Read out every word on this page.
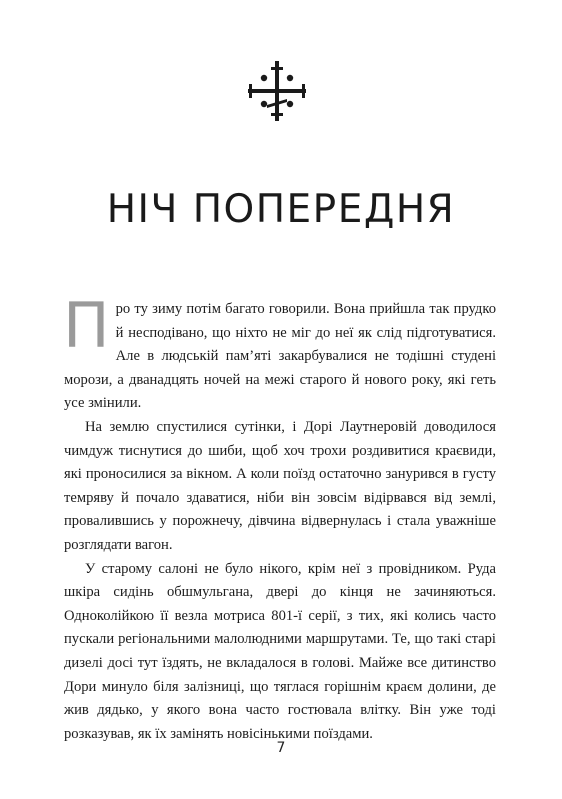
НІЧ ПОПЕРЕДНЯ

Про ту зиму потім багато говорили. Вона прийшла так прудко й несподівано, що ніхто не міг до неї як слід підготуватися. Але в людській пам’яті закарбувалися не тодішні студені морози, а дванадцять ночей на межі старого й нового року, які геть усе змінили.

На землю спустилися сутінки, і Дорі Лаутнеровій доводилося чимдуж тиснутися до шиби, щоб хоч трохи роздивитися краєвиди, які проносилися за вікном. А коли поїзд остаточно занурився в густу темряву й почало здаватися, ніби він зовсім відірвався від землі, провалившись у порожнечу, дівчина відвернулась і стала уважніше розглядати вагон.

У старому салоні не було нікого, крім неї з провідником. Руда шкіра сидінь обшмульгана, двері до кінця не зачиняються. Одноколійкою її везла мотриса 801-ї серії, з тих, які колись часто пускали регіональними малолюдними маршрутами. Те, що такі старі дизелі досі тут їздять, не вкладалося в голові. Майже все дитинство Дори минуло біля залізниці, що тяглася горішнім краєм долини, де жив дядько, у якого вона часто гостювала влітку. Він уже тоді розказував, як їх замінять новісінькими поїздами.

7
